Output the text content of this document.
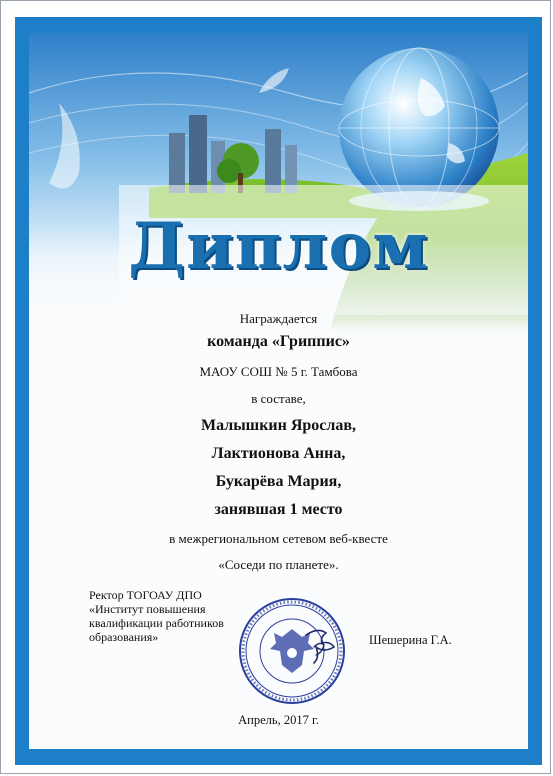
Диплом
Награждается
команда «Гриппис»
МАОУ СОШ № 5 г. Тамбова
в составе,
Малышкин Ярослав,
Лактионова Анна,
Букарёва Мария,
занявшая 1 место
в межрегиональном сетевом веб-квесте
«Соседи по планете».
Ректор ТОГОАУ ДПО
«Институт повышения
квалификации работников
образования»	Шешерина Г.А.
Апрель, 2017 г.
